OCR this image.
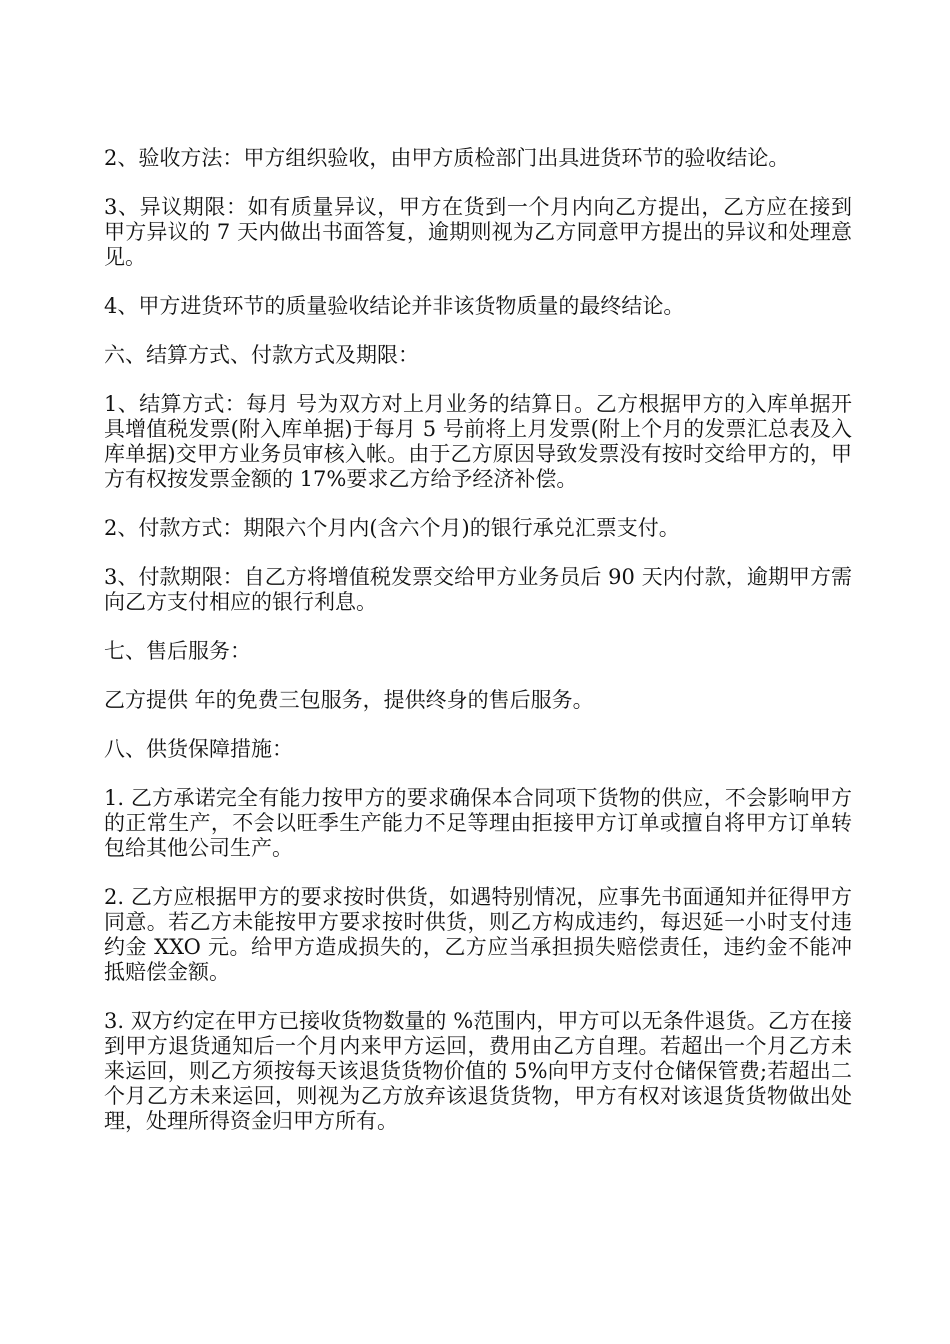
2、验收方法：甲方组织验收，由甲方质检部门出具进货环节的验收结论。

3、异议期限：如有质量异议，甲方在货到一个月内向乙方提出，乙方应在接到甲方异议的 7 天内做出书面答复，逾期则视为乙方同意甲方提出的异议和处理意见。

4、甲方进货环节的质量验收结论并非该货物质量的最终结论。

六、结算方式、付款方式及期限：

1、结算方式：每月 号为双方对上月业务的结算日。乙方根据甲方的入库单据开具增值税发票(附入库单据)于每月 5 号前将上月发票(附上个月的发票汇总表及入库单据)交甲方业务员审核入帐。由于乙方原因导致发票没有按时交给甲方的，甲方有权按发票金额的 17%要求乙方给予经济补偿。

2、付款方式：期限六个月内(含六个月)的银行承兑汇票支付。

3、付款期限：自乙方将增值税发票交给甲方业务员后 90 天内付款，逾期甲方需向乙方支付相应的银行利息。

七、售后服务：

乙方提供 年的免费三包服务，提供终身的售后服务。

八、供货保障措施：

1. 乙方承诺完全有能力按甲方的要求确保本合同项下货物的供应，不会影响甲方的正常生产，不会以旺季生产能力不足等理由拒接甲方订单或擅自将甲方订单转包给其他公司生产。

2. 乙方应根据甲方的要求按时供货，如遇特别情况，应事先书面通知并征得甲方同意。若乙方未能按甲方要求按时供货，则乙方构成违约，每迟延一小时支付违约金 XXO 元。给甲方造成损失的，乙方应当承担损失赔偿责任，违约金不能冲抵赔偿金额。

3. 双方约定在甲方已接收货物数量的 %范围内，甲方可以无条件退货。乙方在接到甲方退货通知后一个月内来甲方运回，费用由乙方自理。若超出一个月乙方未来运回，则乙方须按每天该退货货物价值的 5%向甲方支付仓储保管费;若超出二个月乙方未来运回，则视为乙方放弃该退货货物，甲方有权对该退货货物做出处理，处理所得资金归甲方所有。
